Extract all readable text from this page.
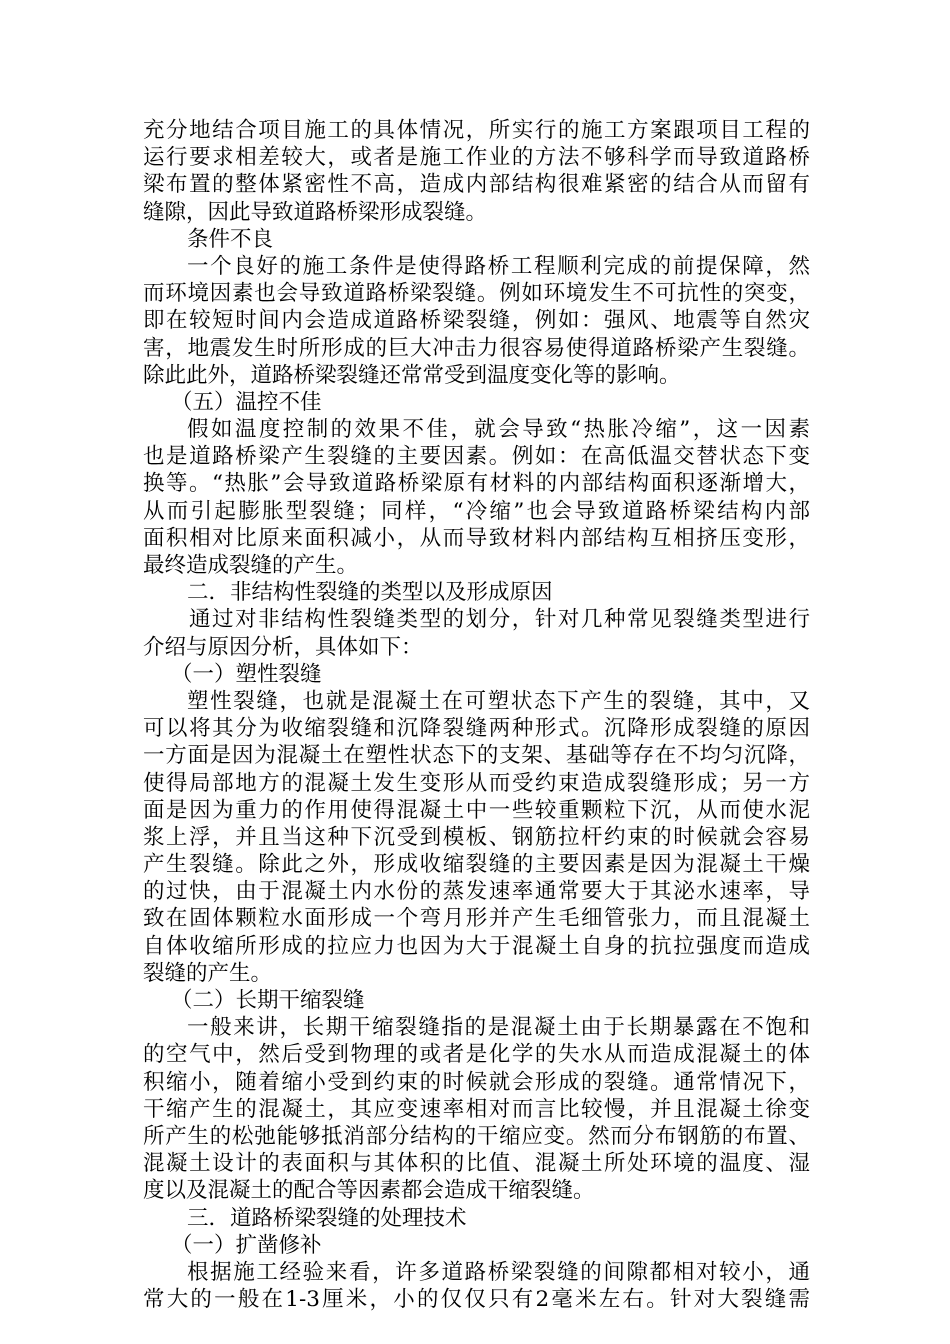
充分地结合项目施工的具体情况，所实行的施工方案跟项目工程的
运行要求相差较大，或者是施工作业的方法不够科学而导致道路桥
梁布置的整体紧密性不高，造成内部结构很难紧密的结合从而留有
缝隙，因此导致道路桥梁形成裂缝。
条件不良
一个良好的施工条件是使得路桥工程顺利完成的前提保障，然
而环境因素也会导致道路桥梁裂缝。例如环境发生不可抗性的突变，
即在较短时间内会造成道路桥梁裂缝，例如：强风、地震等自然灾
害，地震发生时所形成的巨大冲击力很容易使得道路桥梁产生裂缝。
除此此外，道路桥梁裂缝还常常受到温度变化等的影响。
（五）温控不佳
假如温度控制的效果不佳，就会导致“热胀冷缩”，这一因素
也是道路桥梁产生裂缝的主要因素。例如：在高低温交替状态下变
换等。“热胀”会导致道路桥梁原有材料的内部结构面积逐渐增大，
从而引起膨胀型裂缝；同样，“冷缩”也会导致道路桥梁结构内部
面积相对比原来面积减小，从而导致材料内部结构互相挤压变形，
最终造成裂缝的产生。
二．非结构性裂缝的类型以及形成原因
通过对非结构性裂缝类型的划分，针对几种常见裂缝类型进行
介绍与原因分析，具体如下：
（一）塑性裂缝
塑性裂缝，也就是混凝土在可塑状态下产生的裂缝，其中，又
可以将其分为收缩裂缝和沉降裂缝两种形式。沉降形成裂缝的原因
一方面是因为混凝土在塑性状态下的支架、基础等存在不均匀沉降，
使得局部地方的混凝土发生变形从而受约束造成裂缝形成；另一方
面是因为重力的作用使得混凝土中一些较重颗粒下沉，从而使水泥
浆上浮，并且当这种下沉受到模板、钢筋拉杆约束的时候就会容易
产生裂缝。除此之外，形成收缩裂缝的主要因素是因为混凝土干燥
的过快，由于混凝土内水份的蒸发速率通常要大于其泌水速率，导
致在固体颗粒水面形成一个弯月形并产生毛细管张力，而且混凝土
自体收缩所形成的拉应力也因为大于混凝土自身的抗拉强度而造成
裂缝的产生。
（二）长期干缩裂缝
一般来讲，长期干缩裂缝指的是混凝土由于长期暴露在不饱和
的空气中，然后受到物理的或者是化学的失水从而造成混凝土的体
积缩小，随着缩小受到约束的时候就会形成的裂缝。通常情况下，
干缩产生的混凝土，其应变速率相对而言比较慢，并且混凝土徐变
所产生的松弛能够抵消部分结构的干缩应变。然而分布钢筋的布置、
混凝土设计的表面积与其体积的比值、混凝土所处环境的温度、湿
度以及混凝土的配合等因素都会造成干缩裂缝。
三．道路桥梁裂缝的处理技术
（一）扩凿修补
根据施工经验来看，许多道路桥梁裂缝的间隙都相对较小，通
常大的一般在1-3厘米，小的仅仅只有2毫米左右。针对大裂缝需
